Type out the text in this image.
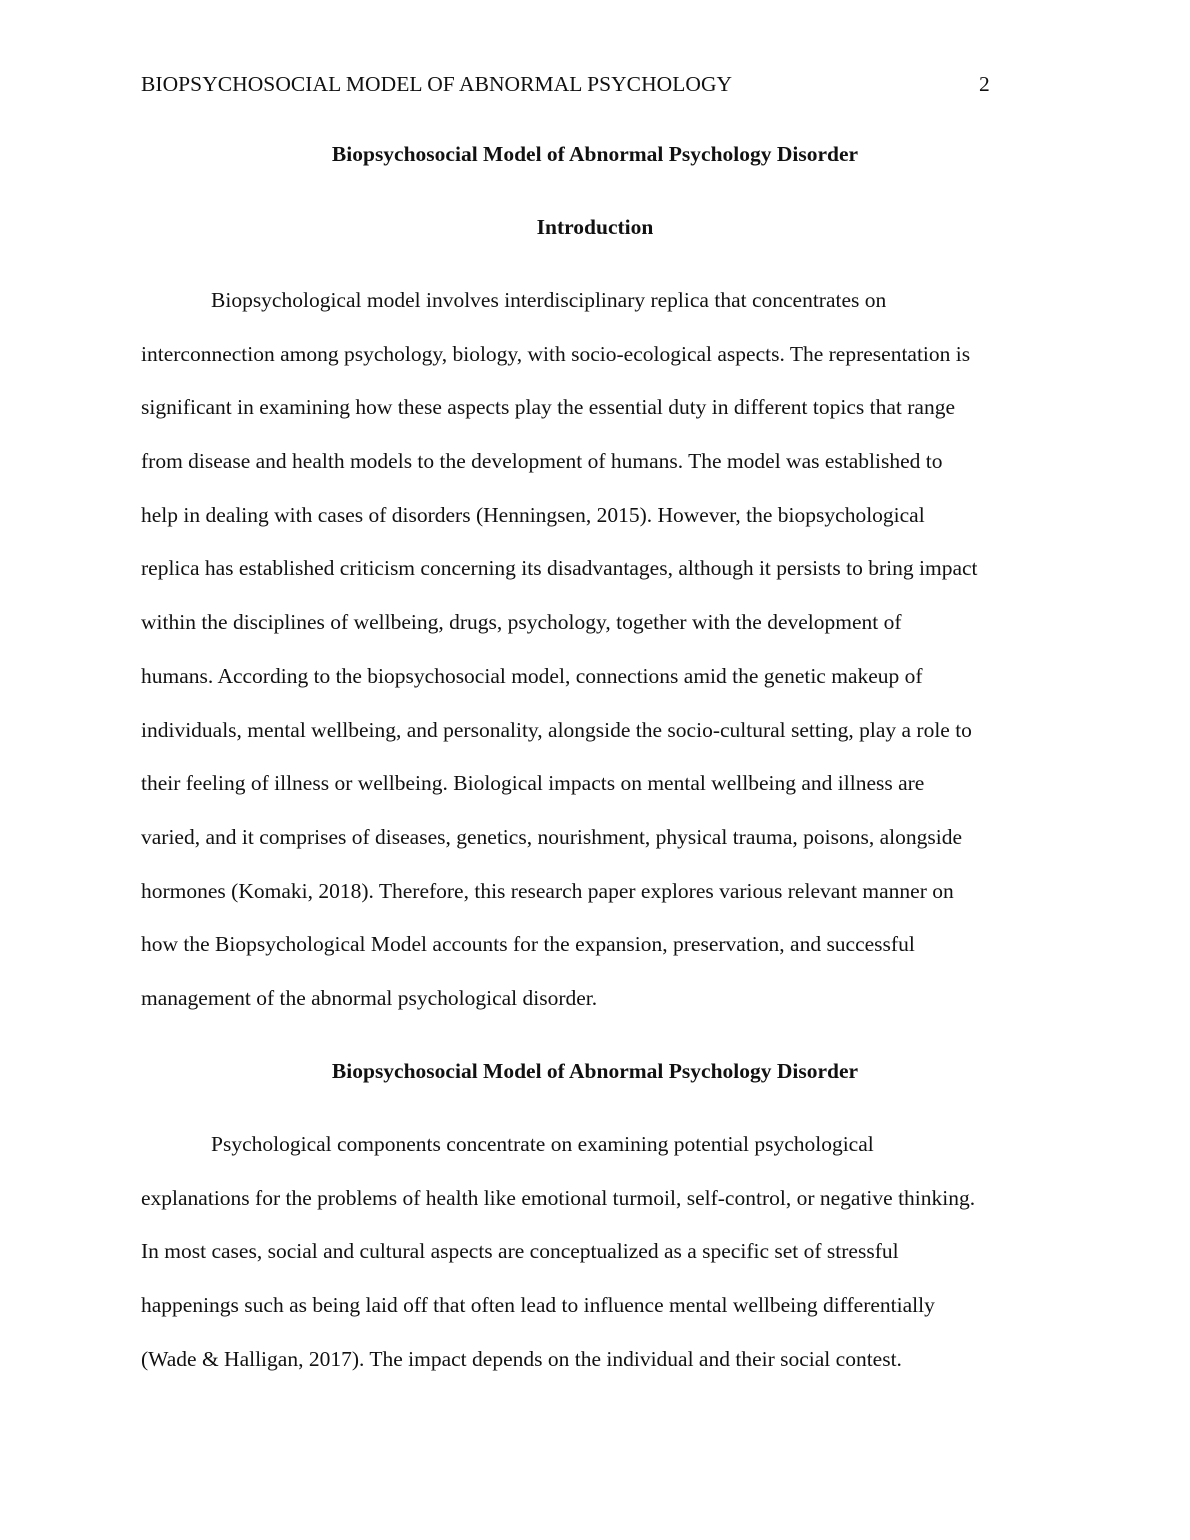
BIOPSYCHOSOCIAL MODEL OF ABNORMAL PSYCHOLOGY	2
Biopsychosocial Model of Abnormal Psychology Disorder
Introduction
Biopsychological model involves interdisciplinary replica that concentrates on
interconnection among psychology, biology, with socio-ecological aspects. The representation is
significant in examining how these aspects play the essential duty in different topics that range
from disease and health models to the development of humans. The model was established to
help in dealing with cases of disorders (Henningsen, 2015). However, the biopsychological
replica has established criticism concerning its disadvantages, although it persists to bring impact
within the disciplines of wellbeing, drugs, psychology, together with the development of
humans. According to the biopsychosocial model, connections amid the genetic makeup of
individuals, mental wellbeing, and personality, alongside the socio-cultural setting, play a role to
their feeling of illness or wellbeing. Biological impacts on mental wellbeing and illness are
varied, and it comprises of diseases, genetics, nourishment, physical trauma, poisons, alongside
hormones (Komaki, 2018). Therefore, this research paper explores various relevant manner on
how the Biopsychological Model accounts for the expansion, preservation, and successful
management of the abnormal psychological disorder.
Biopsychosocial Model of Abnormal Psychology Disorder
Psychological components concentrate on examining potential psychological
explanations for the problems of health like emotional turmoil, self-control, or negative thinking.
In most cases, social and cultural aspects are conceptualized as a specific set of stressful
happenings such as being laid off that often lead to influence mental wellbeing differentially
(Wade & Halligan, 2017). The impact depends on the individual and their social contest.
